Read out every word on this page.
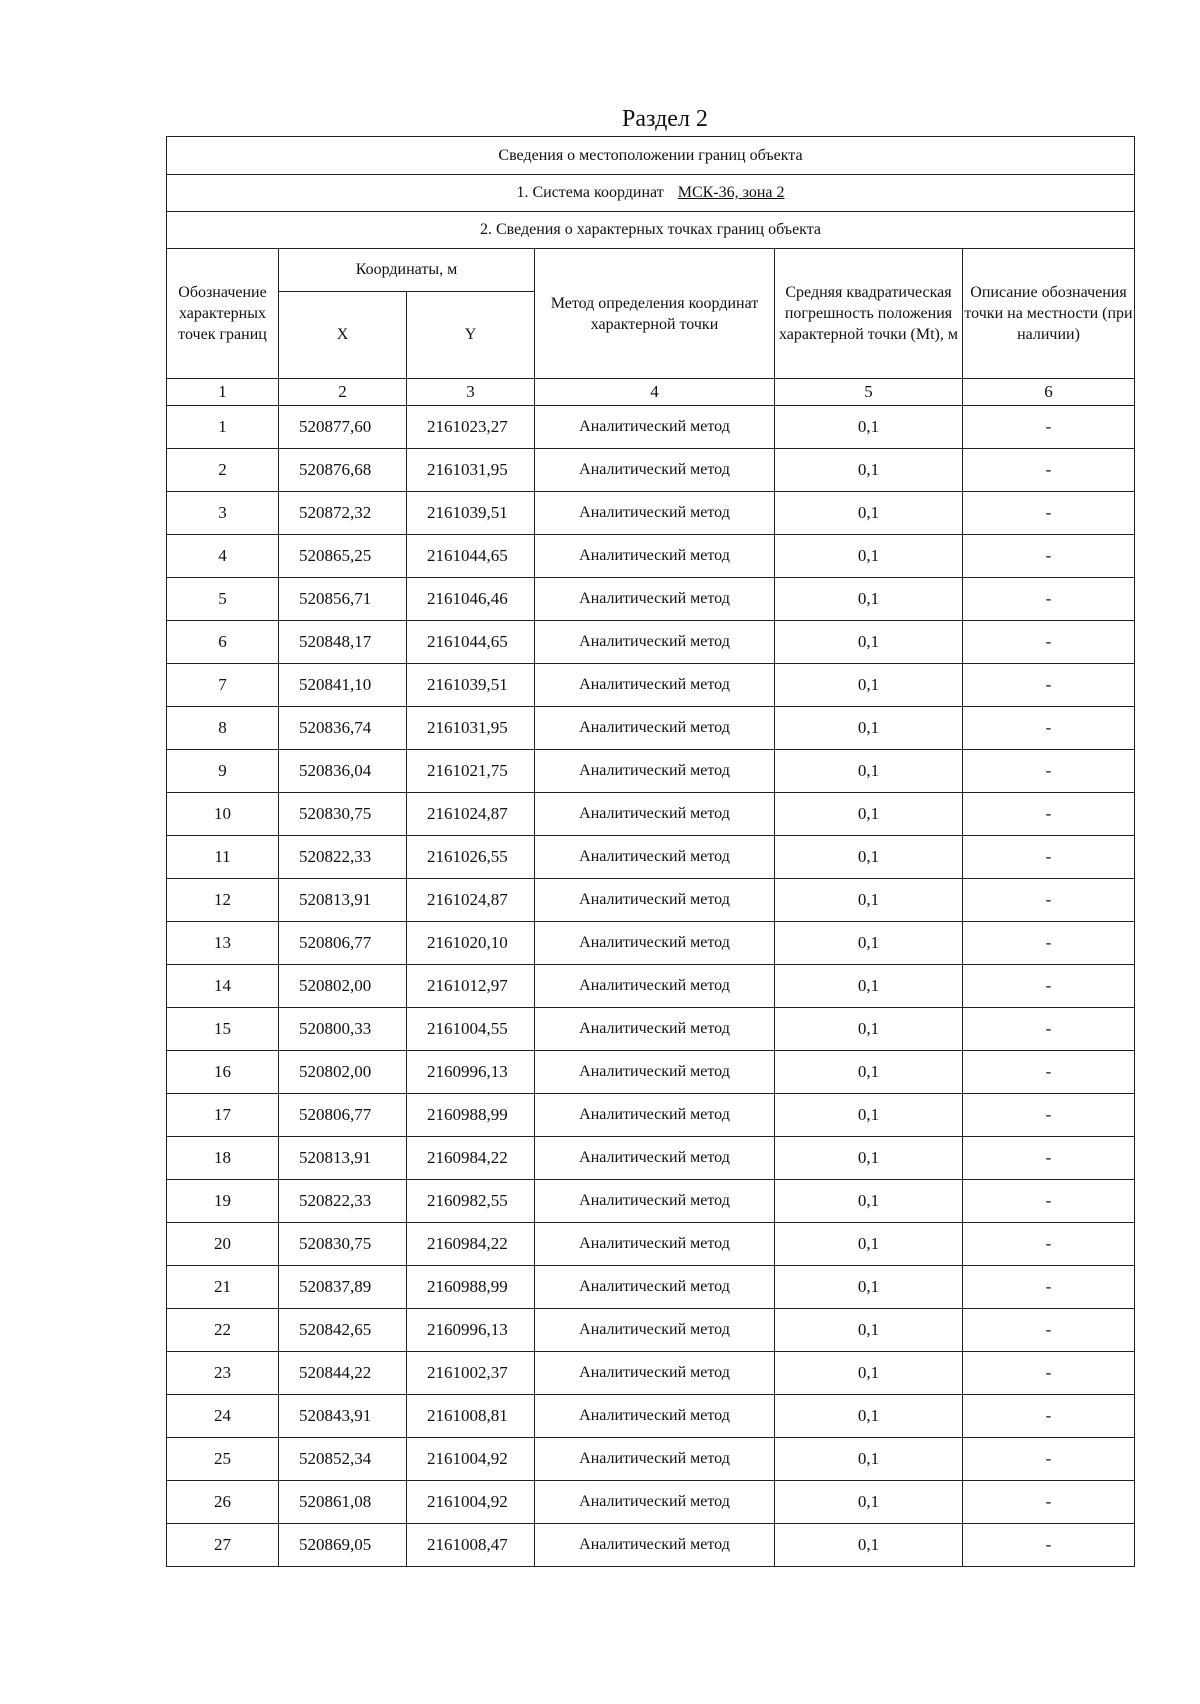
Раздел 2
Сведения о местоположении границ объекта					
1. Система координат МСК-36, зона 2					
2. Сведения о характерных точках границ объекта					
Обозначение характерных точек границ	Координаты, м		Метод определения координат характерной точки	Средняя квадратическая погрешность положения характерной точки (Mt), м	Описание обозначения точки на местности (при наличии)
	X	Y			
1	2	3	4	5	6
1	520877,60	2161023,27	Аналитический метод	0,1	-
2	520876,68	2161031,95	Аналитический метод	0,1	-
3	520872,32	2161039,51	Аналитический метод	0,1	-
4	520865,25	2161044,65	Аналитический метод	0,1	-
5	520856,71	2161046,46	Аналитический метод	0,1	-
6	520848,17	2161044,65	Аналитический метод	0,1	-
7	520841,10	2161039,51	Аналитический метод	0,1	-
8	520836,74	2161031,95	Аналитический метод	0,1	-
9	520836,04	2161021,75	Аналитический метод	0,1	-
10	520830,75	2161024,87	Аналитический метод	0,1	-
11	520822,33	2161026,55	Аналитический метод	0,1	-
12	520813,91	2161024,87	Аналитический метод	0,1	-
13	520806,77	2161020,10	Аналитический метод	0,1	-
14	520802,00	2161012,97	Аналитический метод	0,1	-
15	520800,33	2161004,55	Аналитический метод	0,1	-
16	520802,00	2160996,13	Аналитический метод	0,1	-
17	520806,77	2160988,99	Аналитический метод	0,1	-
18	520813,91	2160984,22	Аналитический метод	0,1	-
19	520822,33	2160982,55	Аналитический метод	0,1	-
20	520830,75	2160984,22	Аналитический метод	0,1	-
21	520837,89	2160988,99	Аналитический метод	0,1	-
22	520842,65	2160996,13	Аналитический метод	0,1	-
23	520844,22	2161002,37	Аналитический метод	0,1	-
24	520843,91	2161008,81	Аналитический метод	0,1	-
25	520852,34	2161004,92	Аналитический метод	0,1	-
26	520861,08	2161004,92	Аналитический метод	0,1	-
27	520869,05	2161008,47	Аналитический метод	0,1	-
